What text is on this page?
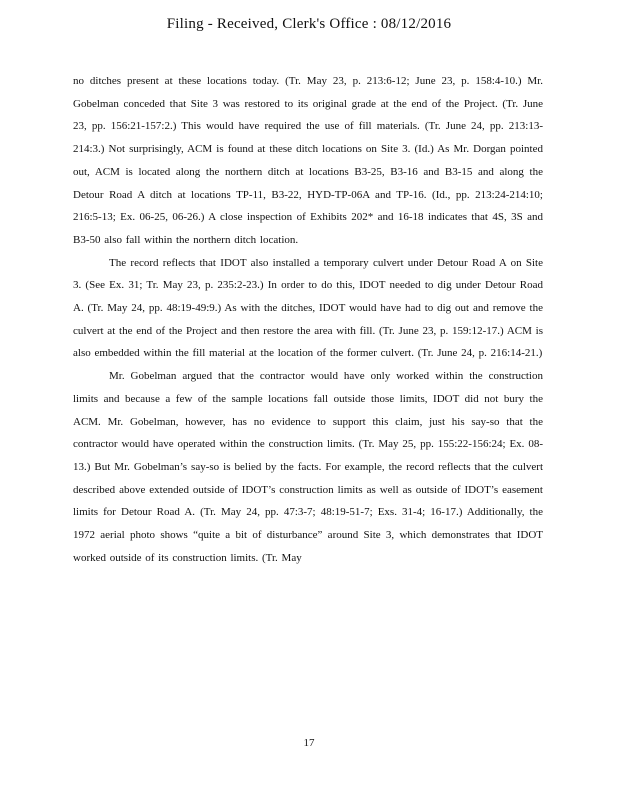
Filing - Received, Clerk's Office : 08/12/2016

no ditches present at these locations today. (Tr. May 23, p. 213:6-12; June 23, p. 158:4-10.) Mr. Gobelman conceded that Site 3 was restored to its original grade at the end of the Project. (Tr. June 23, pp. 156:21-157:2.) This would have required the use of fill materials. (Tr. June 24, pp. 213:13-214:3.) Not surprisingly, ACM is found at these ditch locations on Site 3. (Id.) As Mr. Dorgan pointed out, ACM is located along the northern ditch at locations B3-25, B3-16 and B3-15 and along the Detour Road A ditch at locations TP-11, B3-22, HYD-TP-06A and TP-16. (Id., pp. 213:24-214:10; 216:5-13; Ex. 06-25, 06-26.) A close inspection of Exhibits 202* and 16-18 indicates that 4S, 3S and B3-50 also fall within the northern ditch location.

The record reflects that IDOT also installed a temporary culvert under Detour Road A on Site 3. (See Ex. 31; Tr. May 23, p. 235:2-23.) In order to do this, IDOT needed to dig under Detour Road A. (Tr. May 24, pp. 48:19-49:9.) As with the ditches, IDOT would have had to dig out and remove the culvert at the end of the Project and then restore the area with fill. (Tr. June 23, p. 159:12-17.) ACM is also embedded within the fill material at the location of the former culvert. (Tr. June 24, p. 216:14-21.)

Mr. Gobelman argued that the contractor would have only worked within the construction limits and because a few of the sample locations fall outside those limits, IDOT did not bury the ACM. Mr. Gobelman, however, has no evidence to support this claim, just his say-so that the contractor would have operated within the construction limits. (Tr. May 25, pp. 155:22-156:24; Ex. 08-13.) But Mr. Gobelman’s say-so is belied by the facts. For example, the record reflects that the culvert described above extended outside of IDOT’s construction limits as well as outside of IDOT’s easement limits for Detour Road A. (Tr. May 24, pp. 47:3-7; 48:19-51-7; Exs. 31-4; 16-17.) Additionally, the 1972 aerial photo shows “quite a bit of disturbance” around Site 3, which demonstrates that IDOT worked outside of its construction limits. (Tr. May

17
